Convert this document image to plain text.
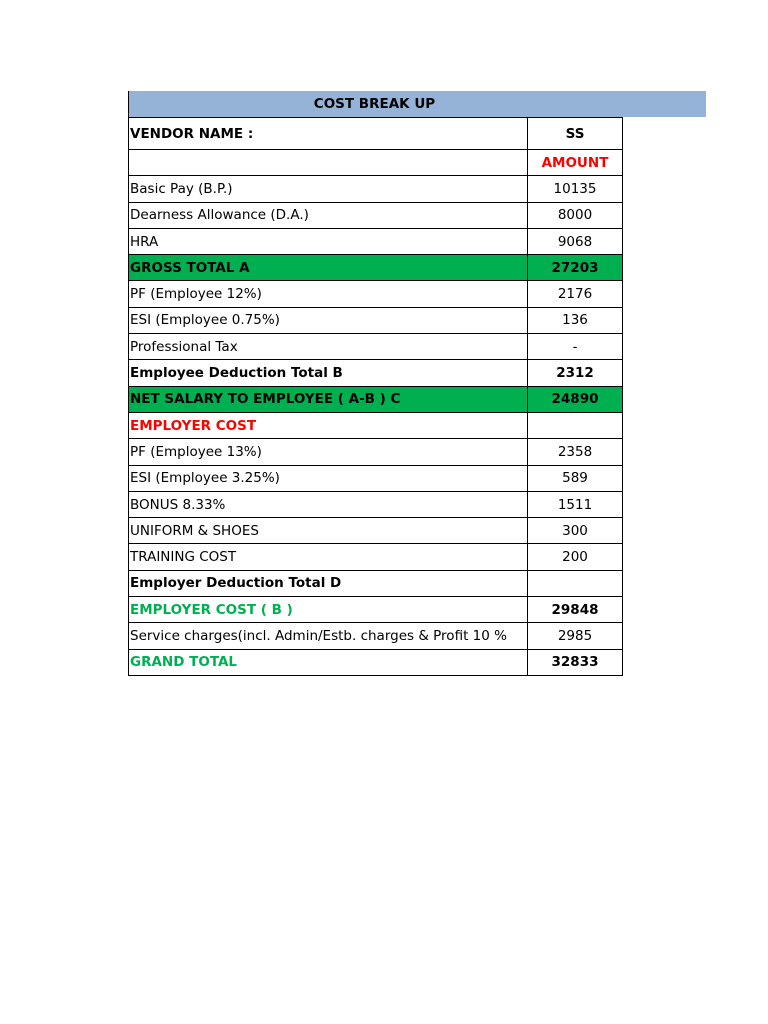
COST BREAK UP
VENDOR NAME :	SS
	AMOUNT
Basic Pay (B.P.)	10135
Dearness Allowance (D.A.)	8000
HRA	9068
GROSS TOTAL A	27203
PF (Employee 12%)	2176
ESI (Employee 0.75%)	136
Professional Tax	-
Employee Deduction Total B	2312
NET SALARY TO EMPLOYEE ( A-B ) C	24890
EMPLOYER COST	
PF (Employee 13%)	2358
ESI (Employee 3.25%)	589
BONUS 8.33%	1511
UNIFORM & SHOES	300
TRAINING COST	200
Employer Deduction Total D	
EMPLOYER COST ( B )	29848
Service charges(incl. Admin/Estb. charges & Profit 10 %	2985
GRAND TOTAL	32833
